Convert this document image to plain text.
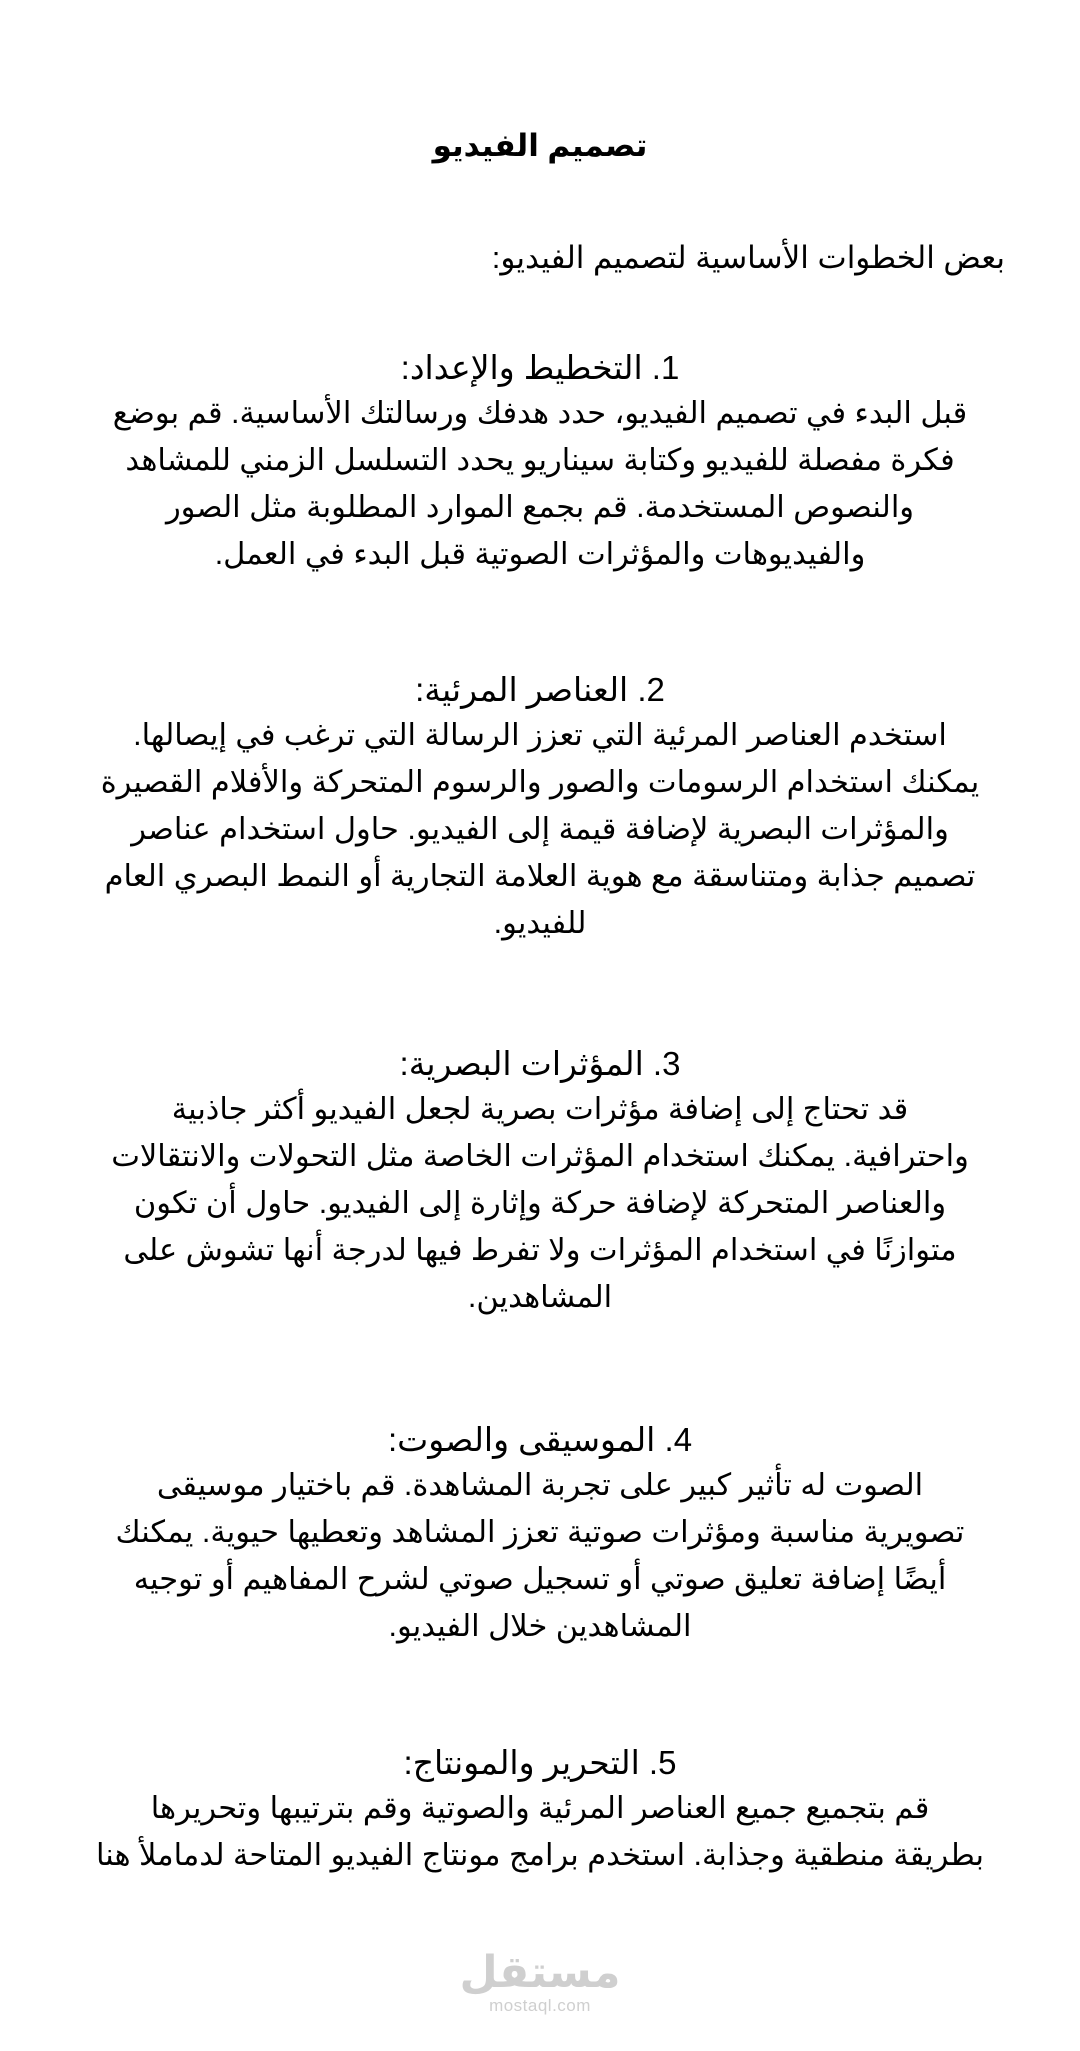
تصميم الفيديو
بعض الخطوات الأساسية لتصميم الفيديو:
1. التخطيط والإعداد:
قبل البدء في تصميم الفيديو، حدد هدفك ورسالتك الأساسية. قم بوضع
فكرة مفصلة للفيديو وكتابة سيناريو يحدد التسلسل الزمني للمشاهد
والنصوص المستخدمة. قم بجمع الموارد المطلوبة مثل الصور
والفيديوهات والمؤثرات الصوتية قبل البدء في العمل.
2. العناصر المرئية:
استخدم العناصر المرئية التي تعزز الرسالة التي ترغب في إيصالها.
يمكنك استخدام الرسومات والصور والرسوم المتحركة والأفلام القصيرة
والمؤثرات البصرية لإضافة قيمة إلى الفيديو. حاول استخدام عناصر
تصميم جذابة ومتناسقة مع هوية العلامة التجارية أو النمط البصري العام
للفيديو.
3. المؤثرات البصرية:
قد تحتاج إلى إضافة مؤثرات بصرية لجعل الفيديو أكثر جاذبية
واحترافية. يمكنك استخدام المؤثرات الخاصة مثل التحولات والانتقالات
والعناصر المتحركة لإضافة حركة وإثارة إلى الفيديو. حاول أن تكون
متوازنًا في استخدام المؤثرات ولا تفرط فيها لدرجة أنها تشوش على
المشاهدين.
4. الموسيقى والصوت:
الصوت له تأثير كبير على تجربة المشاهدة. قم باختيار موسيقى
تصويرية مناسبة ومؤثرات صوتية تعزز المشاهد وتعطيها حيوية. يمكنك
أيضًا إضافة تعليق صوتي أو تسجيل صوتي لشرح المفاهيم أو توجيه
المشاهدين خلال الفيديو.
5. التحرير والمونتاج:
قم بتجميع جميع العناصر المرئية والصوتية وقم بترتيبها وتحريرها
بطريقة منطقية وجذابة. استخدم برامج مونتاج الفيديو المتاحة لدماملأ هنا
مستقل
mostaql.com
